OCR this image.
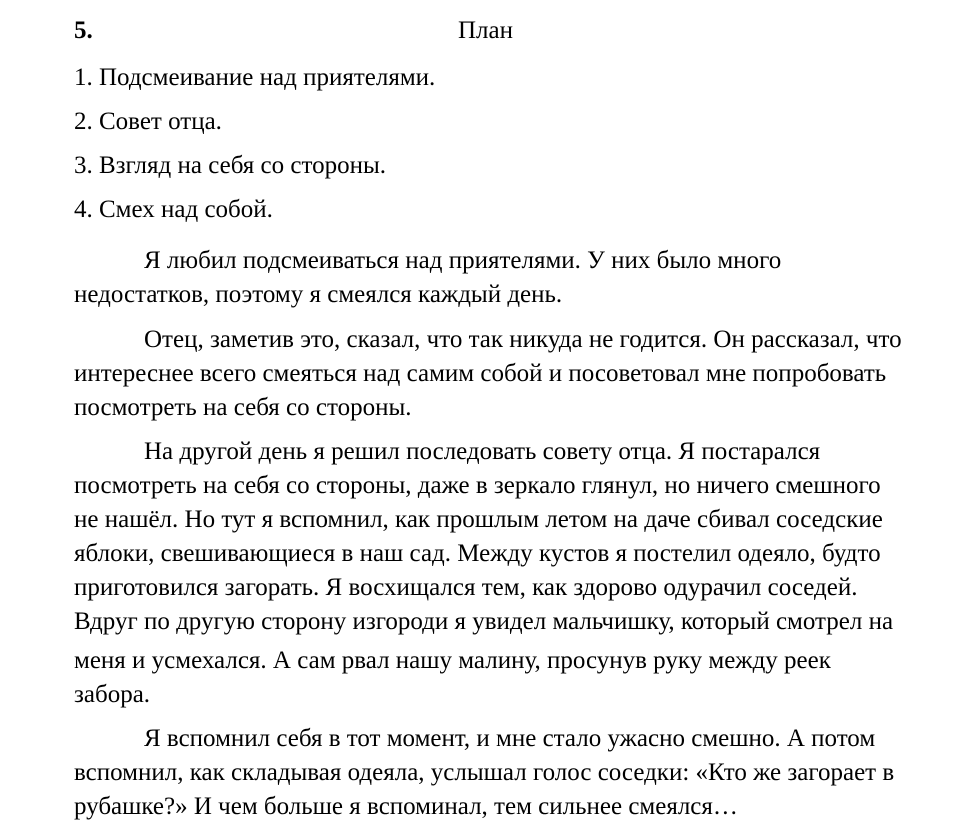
5.	План
1. Подсмеивание над приятелями.
2. Совет отца.
3. Взгляд на себя со стороны.
4. Смех над собой.
Я любил подсмеиваться над приятелями. У них было много
недостатков, поэтому я смеялся каждый день.
Отец, заметив это, сказал, что так никуда не годится. Он рассказал, что
интереснее всего смеяться над самим собой и посоветовал мне попробовать
посмотреть на себя со стороны.
На другой день я решил последовать совету отца. Я постарался
посмотреть на себя со стороны, даже в зеркало глянул, но ничего смешного
не нашёл. Но тут я вспомнил, как прошлым летом на даче сбивал соседские
яблоки, свешивающиеся в наш сад. Между кустов я постелил одеяло, будто
приготовился загорать. Я восхищался тем, как здорово одурачил соседей.
Вдруг по другую сторону изгороди я увидел мальчишку, который смотрел на
меня и усмехался. А сам рвал нашу малину, просунув руку между реек
забора.
Я вспомнил себя в тот момент, и мне стало ужасно смешно. А потом
вспомнил, как складывая одеяла, услышал голос соседки: «Кто же загорает в
рубашке?» И чем больше я вспоминал, тем сильнее смеялся…
